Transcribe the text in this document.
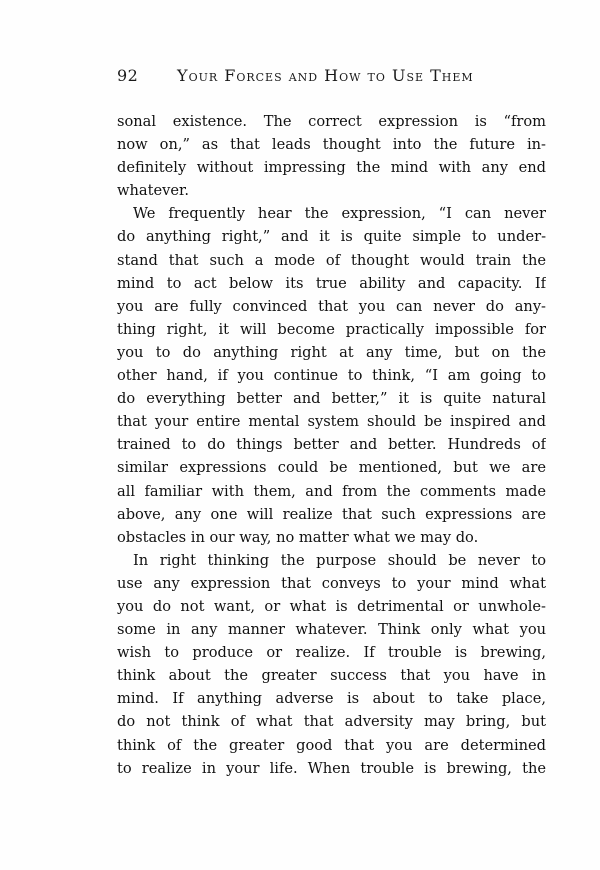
92 Your Forces and How to Use Them
sonal existence. The correct expression is “from
now on,” as that leads thought into the future in-
definitely without impressing the mind with any end
whatever.
We frequently hear the expression, “I can never
do anything right,” and it is quite simple to under-
stand that such a mode of thought would train the
mind to act below its true ability and capacity. If
you are fully convinced that you can never do any-
thing right, it will become practically impossible for
you to do anything right at any time, but on the
other hand, if you continue to think, “I am going to
do everything better and better,” it is quite natural
that your entire mental system should be inspired and
trained to do things better and better. Hundreds of
similar expressions could be mentioned, but we are
all familiar with them, and from the comments made
above, any one will realize that such expressions are
obstacles in our way, no matter what we may do.
In right thinking the purpose should be never to
use any expression that conveys to your mind what
you do not want, or what is detrimental or unwhole-
some in any manner whatever. Think only what you
wish to produce or realize. If trouble is brewing,
think about the greater success that you have in
mind. If anything adverse is about to take place,
do not think of what that adversity may bring, but
think of the greater good that you are determined
to realize in your life. When trouble is brewing, the
